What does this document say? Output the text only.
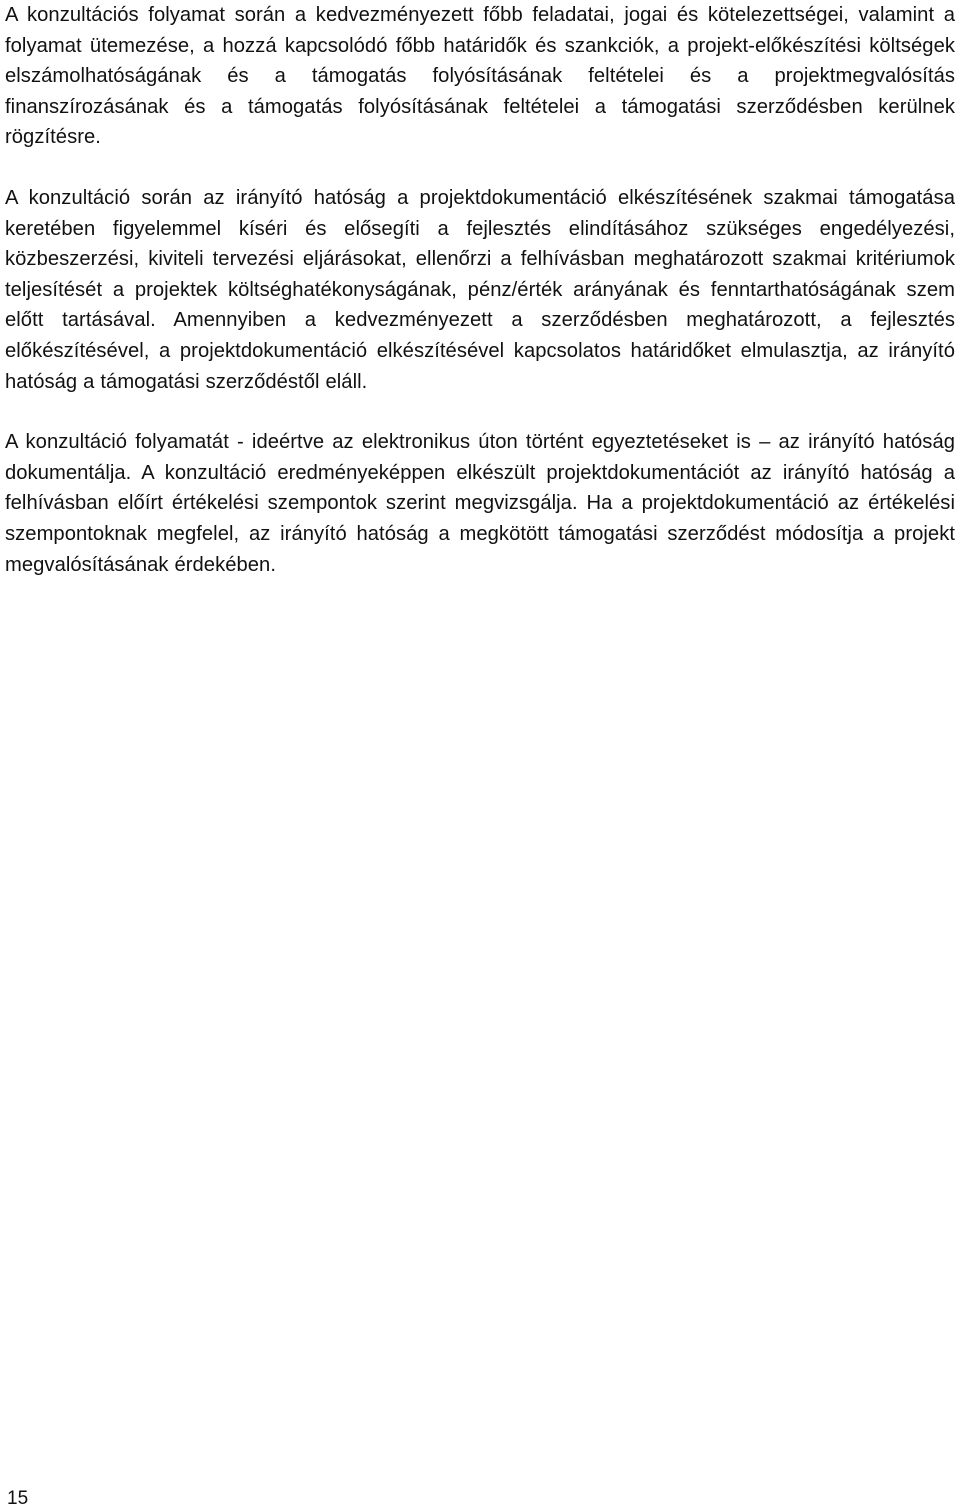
A konzultációs folyamat során a kedvezményezett főbb feladatai, jogai és kötelezettségei, valamint a folyamat ütemezése, a hozzá kapcsolódó főbb határidők és szankciók, a projekt-előkészítési költségek elszámolhatóságának és a támogatás folyósításának feltételei és a projektmegvalósítás finanszírozásának és a támogatás folyósításának feltételei a támogatási szerződésben kerülnek rögzítésre.

A konzultáció során az irányító hatóság a projektdokumentáció elkészítésének szakmai támogatása keretében figyelemmel kíséri és elősegíti a fejlesztés elindításához szükséges engedélyezési, közbeszerzési, kiviteli tervezési eljárásokat, ellenőrzi a felhívásban meghatározott szakmai kritériumok teljesítését a projektek költséghatékonyságának, pénz/érték arányának és fenntarthatóságának szem előtt tartásával. Amennyiben a kedvezményezett a szerződésben meghatározott, a fejlesztés előkészítésével, a projektdokumentáció elkészítésével kapcsolatos határidőket elmulasztja, az irányító hatóság a támogatási szerződéstől eláll.

A konzultáció folyamatát - ideértve az elektronikus úton történt egyeztetéseket is – az irányító hatóság dokumentálja. A konzultáció eredményeképpen elkészült projektdokumentációt az irányító hatóság a felhívásban előírt értékelési szempontok szerint megvizsgálja. Ha a projektdokumentáció az értékelési szempontoknak megfelel, az irányító hatóság a megkötött támogatási szerződést módosítja a projekt megvalósításának érdekében.

15
